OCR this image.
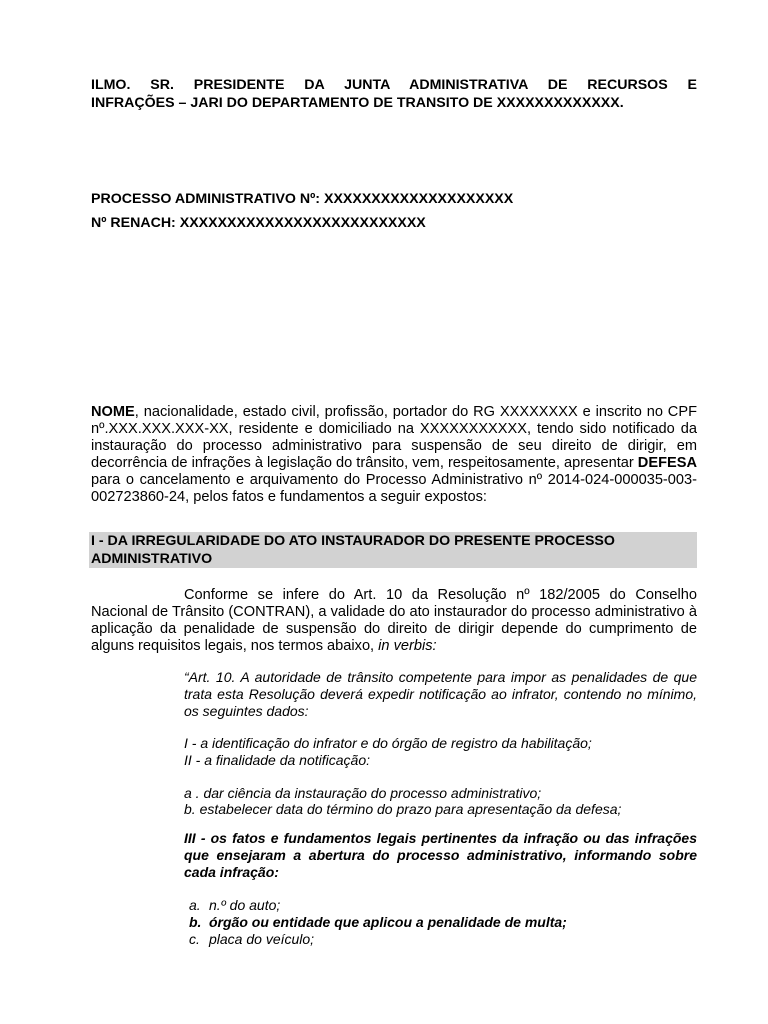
ILMO. SR. PRESIDENTE DA JUNTA ADMINISTRATIVA DE RECURSOS E
INFRAÇÕES – JARI DO DEPARTAMENTO DE TRANSITO DE XXXXXXXXXXXXX.
PROCESSO ADMINISTRATIVO Nº: XXXXXXXXXXXXXXXXXXXX
Nº RENACH: XXXXXXXXXXXXXXXXXXXXXXXXXX
NOME, nacionalidade, estado civil, profissão, portador do RG XXXXXXXX e inscrito no CPF nº.XXX.XXX.XXX-XX, residente e domiciliado na XXXXXXXXXXX, tendo sido notificado da instauração do processo administrativo para suspensão de seu direito de dirigir, em decorrência de infrações à legislação do trânsito, vem, respeitosamente, apresentar DEFESA para o cancelamento e arquivamento do Processo Administrativo nº 2014-024-000035-003-002723860-24, pelos fatos e fundamentos a seguir expostos:
I - DA IRREGULARIDADE DO ATO INSTAURADOR DO PRESENTE PROCESSO ADMINISTRATIVO
Conforme se infere do Art. 10 da Resolução nº 182/2005 do Conselho Nacional de Trânsito (CONTRAN), a validade do ato instaurador do processo administrativo à aplicação da penalidade de suspensão do direito de dirigir depende do cumprimento de alguns requisitos legais, nos termos abaixo, in verbis:
“Art. 10. A autoridade de trânsito competente para impor as penalidades de que trata esta Resolução deverá expedir notificação ao infrator, contendo no mínimo, os seguintes dados:
I - a identificação do infrator e do órgão de registro da habilitação;
II - a finalidade da notificação:
a . dar ciência da instauração do processo administrativo;
b. estabelecer data do término do prazo para apresentação da defesa;
III - os fatos e fundamentos legais pertinentes da infração ou das infrações que ensejaram a abertura do processo administrativo, informando sobre cada infração:
a. n.º do auto;
b. órgão ou entidade que aplicou a penalidade de multa;
c. placa do veículo;
